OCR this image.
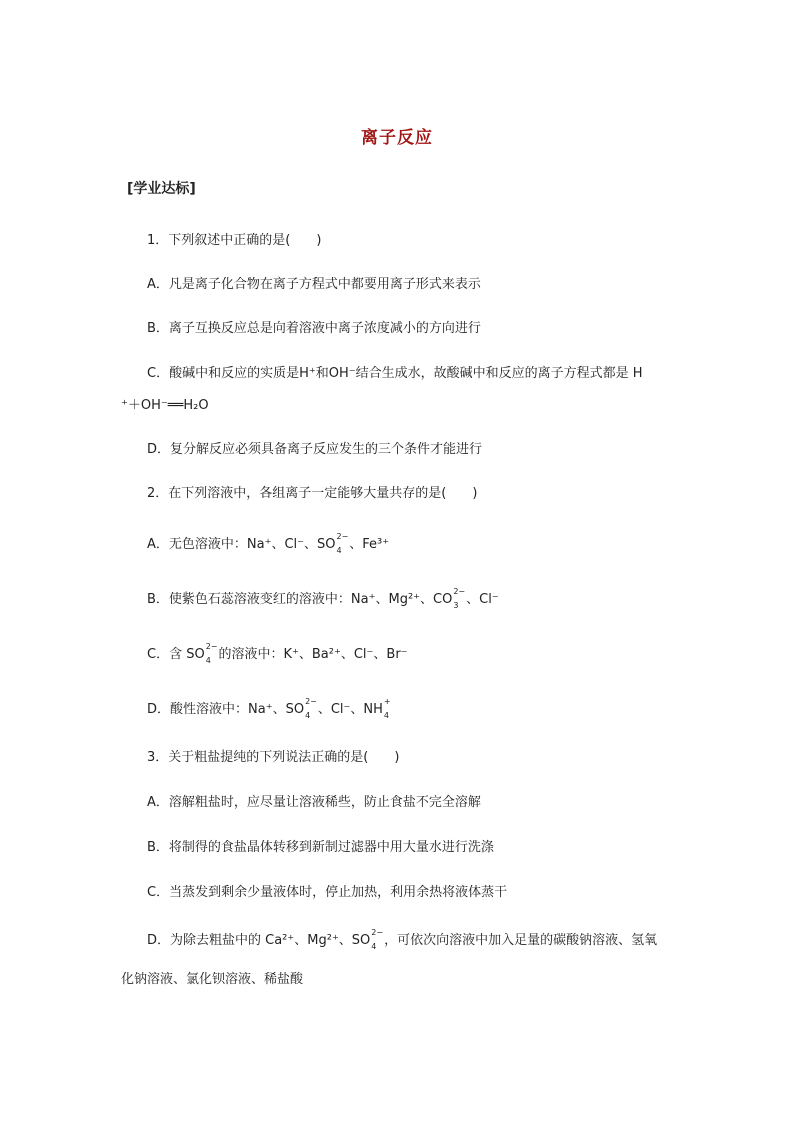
离子反应
[学业达标]
1．下列叙述中正确的是(　　)
A．凡是离子化合物在离子方程式中都要用离子形式来表示
B．离子互换反应总是向着溶液中离子浓度减小的方向进行
C．酸碱中和反应的实质是H⁺和OH⁻结合生成水，故酸碱中和反应的离子方程式都是 H
⁺＋OH⁻══H₂O
D．复分解反应必须具备离子反应发生的三个条件才能进行
2．在下列溶液中，各组离子一定能够大量共存的是(　　)
A．无色溶液中：Na⁺、Cl⁻、SO
2−
4 、Fe³⁺
B．使紫色石蕊溶液变红的溶液中：Na⁺、Mg²⁺、CO
2−
3 、Cl⁻
C．含 SO
2−
4 的溶液中：K⁺、Ba²⁺、Cl⁻、Br⁻
D．酸性溶液中：Na⁺、SO
2−
4 、Cl⁻、NH
+
4
3．关于粗盐提纯的下列说法正确的是(　　)
A．溶解粗盐时，应尽量让溶液稀些，防止食盐不完全溶解
B．将制得的食盐晶体转移到新制过滤器中用大量水进行洗涤
C．当蒸发到剩余少量液体时，停止加热，利用余热将液体蒸干
D．为除去粗盐中的 Ca²⁺、Mg²⁺、SO
2−
4 ，可依次向溶液中加入足量的碳酸钠溶液、氢氧
化钠溶液、氯化钡溶液、稀盐酸
